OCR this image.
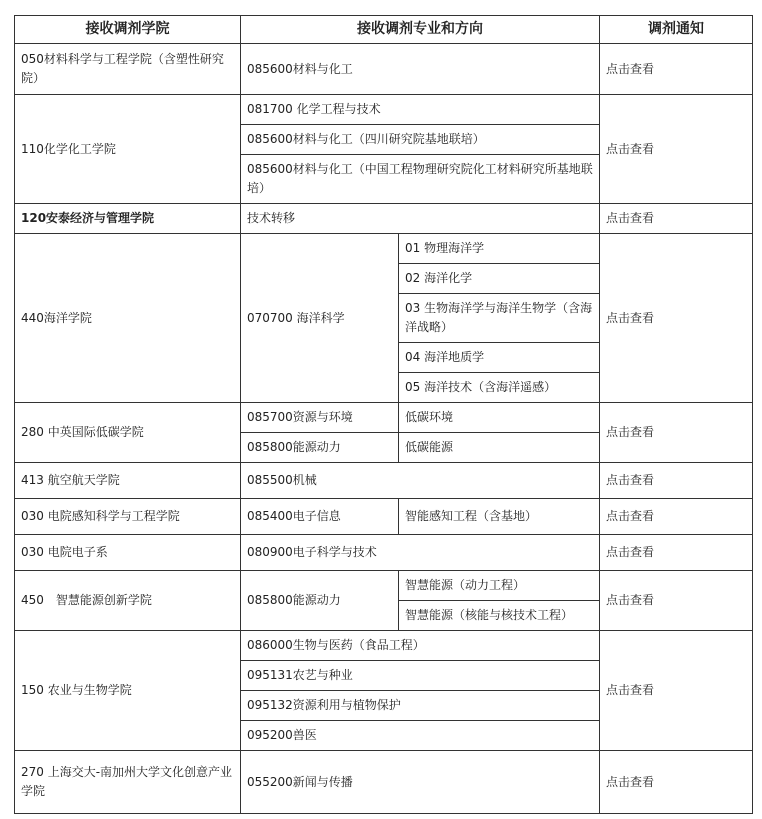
接收调剂学院	接收调剂专业和方向		调剂通知
050材料科学与工程学院（含塑性研究院）	085600材料与化工		点击查看
110化学化工学院	081700 化学工程与技术		点击查看
	085600材料与化工（四川研究院基地联培）		
	085600材料与化工（中国工程物理研究院化工材料研究所基地联培）		
120安泰经济与管理学院	技术转移		点击查看
440海洋学院	070700 海洋科学	01 物理海洋学	点击查看
		02 海洋化学	
		03 生物海洋学与海洋生物学（含海洋战略）	
		04 海洋地质学	
		05 海洋技术（含海洋遥感）	
280 中英国际低碳学院	085700资源与环境	低碳环境	点击查看
	085800能源动力	低碳能源	
413 航空航天学院	085500机械		点击查看
030 电院感知科学与工程学院	085400电子信息	智能感知工程（含基地）	点击查看
030 电院电子系	080900电子科学与技术		点击查看
450　智慧能源创新学院	085800能源动力	智慧能源（动力工程）	点击查看
		智慧能源（核能与核技术工程）	
150 农业与生物学院	086000生物与医药（食品工程）		点击查看
	095131农艺与种业		
	095132资源利用与植物保护		
	095200兽医		
270 上海交大-南加州大学文化创意产业学院	055200新闻与传播		点击查看
